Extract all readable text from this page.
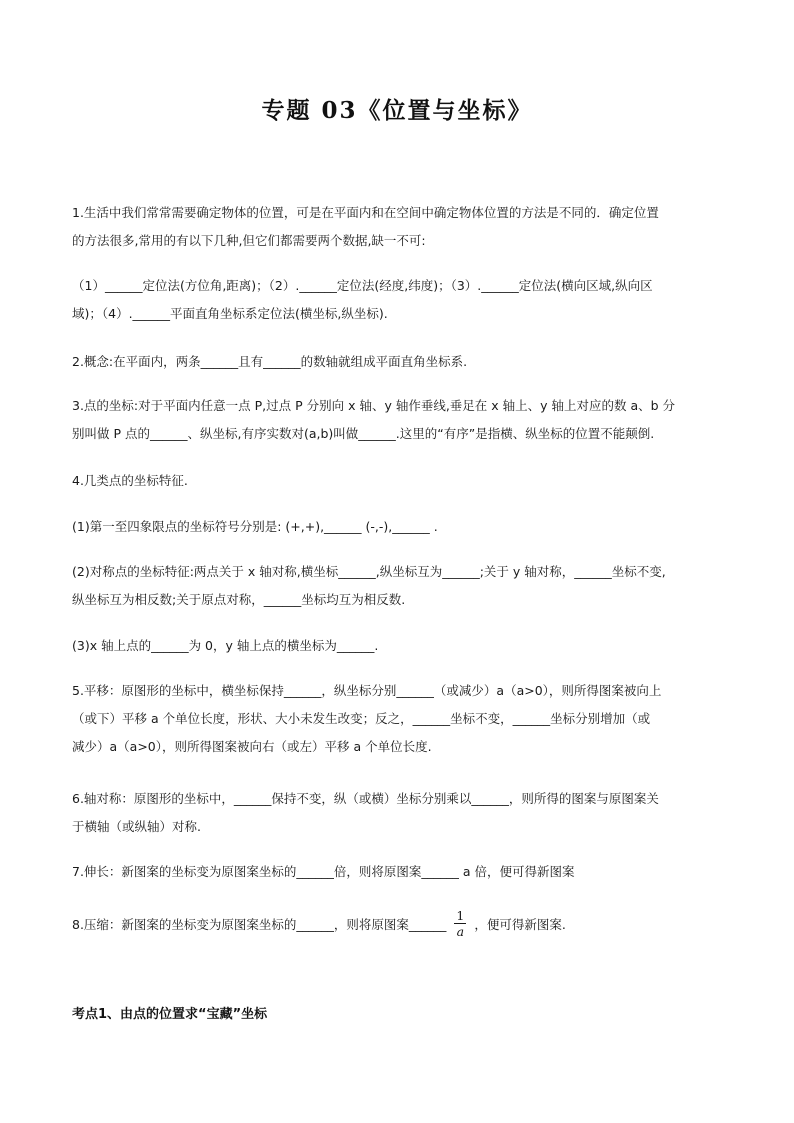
专题 03《位置与坐标》
1.生活中我们常常需要确定物体的位置，可是在平面内和在空间中确定物体位置的方法是不同的．确定位置
的方法很多,常用的有以下几种,但它们都需要两个数据,缺一不可:
（1）______定位法(方位角,距离)；（2）.______定位法(经度,纬度)；（3）.______定位法(横向区域,纵向区
域)；（4）.______平面直角坐标系定位法(横坐标,纵坐标).
2.概念:在平面内，两条______且有______的数轴就组成平面直角坐标系.
3.点的坐标:对于平面内任意一点 P,过点 P 分别向 x 轴、y 轴作垂线,垂足在 x 轴上、y 轴上对应的数 a、b 分
别叫做 P 点的______、纵坐标,有序实数对(a,b)叫做______.这里的“有序”是指横、纵坐标的位置不能颠倒.
4.几类点的坐标特征.
(1)第一至四象限点的坐标符号分别是: (+,+),______ (-,-),______ .
(2)对称点的坐标特征:两点关于 x 轴对称,横坐标______,纵坐标互为______;关于 y 轴对称，______坐标不变,
纵坐标互为相反数;关于原点对称，______坐标均互为相反数.
(3)x 轴上点的______为 0，y 轴上点的横坐标为______.
5.平移：原图形的坐标中，横坐标保持______，纵坐标分别______（或减少）a（a>0），则所得图案被向上
（或下）平移 a 个单位长度，形状、大小未发生改变；反之，______坐标不变，______坐标分别增加（或
减少）a（a>0），则所得图案被向右（或左）平移 a 个单位长度.
6.轴对称：原图形的坐标中，______保持不变，纵（或横）坐标分别乘以______，则所得的图案与原图案关
于横轴（或纵轴）对称.
7.伸长：新图案的坐标变为原图案坐标的______倍，则将原图案______ a 倍，便可得新图案
8.压缩：新图案的坐标变为原图案坐标的______，则将原图案______ $\frac{1}{a}$ ，便可得新图案.
考点1、由点的位置求“宝藏”坐标
